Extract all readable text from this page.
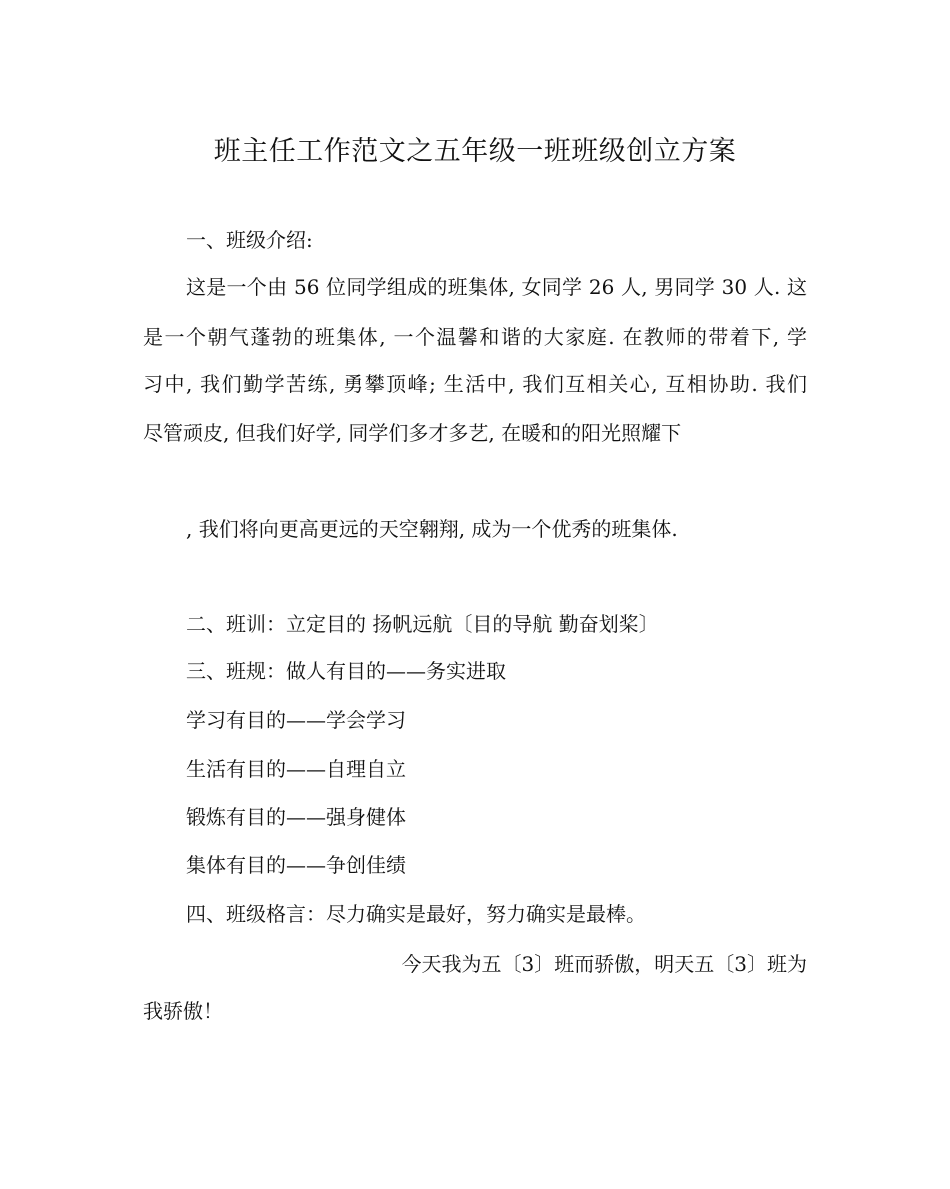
班主任工作范文之五年级一班班级创立方案
一、班级介绍:
这是一个由 56 位同学组成的班集体, 女同学 26 人, 男同学 30 人. 这
是一个朝气蓬勃的班集体, 一个温馨和谐的大家庭. 在教师的带着下, 学
习中, 我们勤学苦练, 勇攀顶峰; 生活中, 我们互相关心, 互相协助. 我们
尽管顽皮, 但我们好学, 同学们多才多艺, 在暖和的阳光照耀下
, 我们将向更高更远的天空翱翔, 成为一个优秀的班集体.
二、班训：立定目的 扬帆远航〔目的导航 勤奋划桨〕
三、班规：做人有目的——务实进取
学习有目的——学会学习
生活有目的——自理自立
锻炼有目的——强身健体
集体有目的——争创佳绩
四、班级格言：尽力确实是最好，努力确实是最棒。
今天我为五〔3〕班而骄傲，明天五〔3〕班为
我骄傲！
